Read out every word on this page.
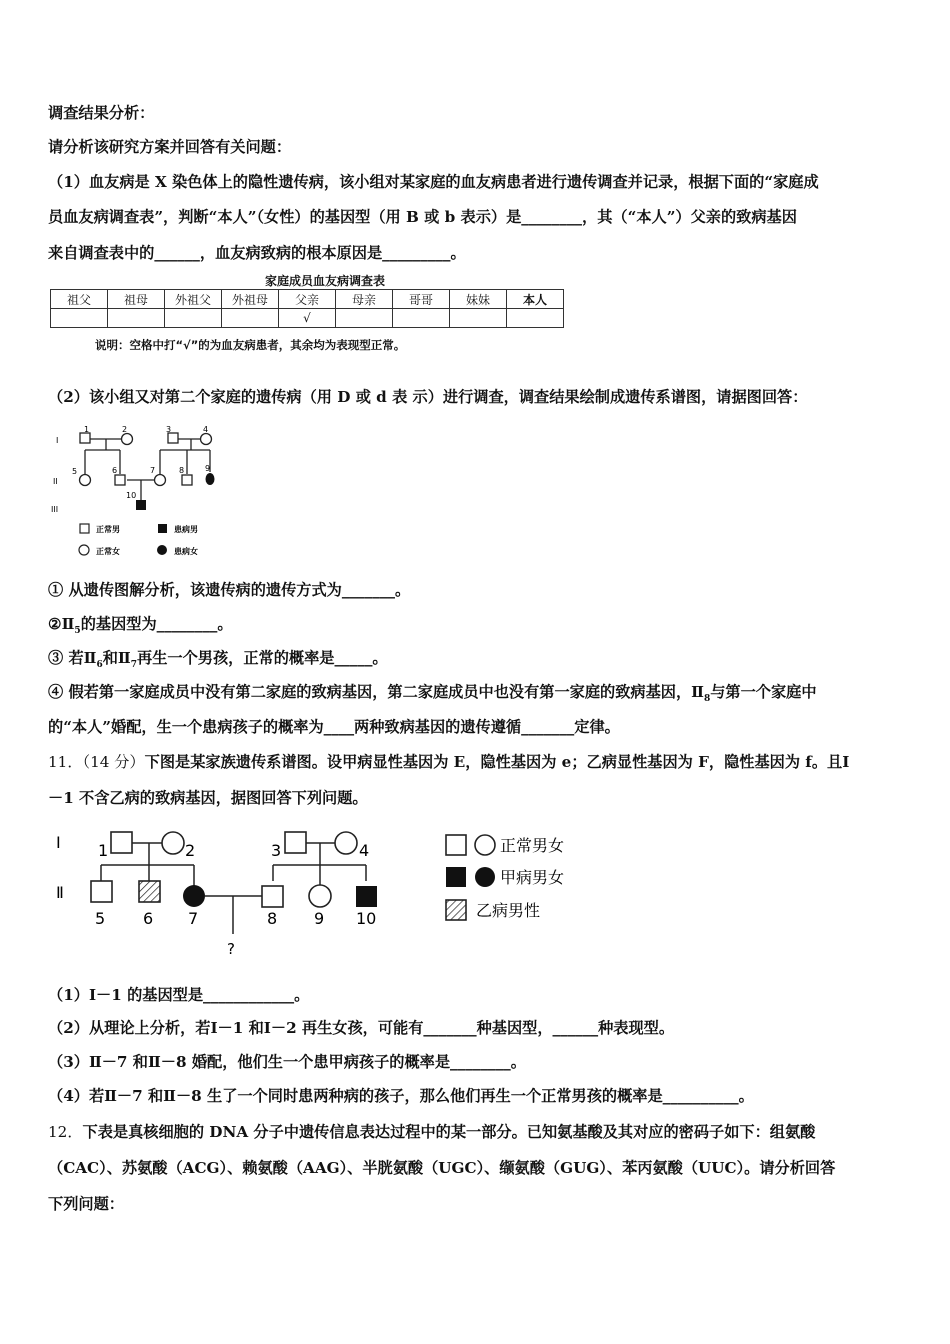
调查结果分析：
请分析该研究方案并回答有关问题：
（1）血友病是 X 染色体上的隐性遗传病，该小组对某家庭的血友病患者进行遗传调查并记录，根据下面的“家庭成
员血友病调查表”，判断“本人”（女性）的基因型（用 B 或 b 表示）是________，其（“本人”）父亲的致病基因
来自调查表中的______，血友病致病的根本原因是_________。
家庭成员血友病调查表
祖父	祖母	外祖父	外祖母	父亲	母亲	哥哥	妹妹	本人
				√				
说明：空格中打“√”的为血友病患者，其余均为表现型正常。
（2）该小组又对第二个家庭的遗传病（用 D 或 d 表 示）进行调查，调查结果绘制成遗传系谱图，请据图回答：
I
II
III
1	2	3	4
5	6	7	8	9
10
正常男	患病男
正常女	患病女
① 从遗传图解分析，该遗传病的遗传方式为_______。
$②Ⅱ_5$的基因型为________。
③ 若$Ⅱ_6$和$Ⅱ_7$再生一个男孩，正常的概率是_____。
④ 假若第一家庭成员中没有第二家庭的致病基因，第二家庭成员中也没有第一家庭的致病基因，$Ⅱ_8$与第一个家庭中
的“本人”婚配，生一个患病孩子的概率为____两种致病基因的遗传遵循_______定律。
11．（14 分）下图是某家族遗传系谱图。设甲病显性基因为 E，隐性基因为 e；乙病显性基因为 F，隐性基因为 f。且Ⅰ
－1 不含乙病的致病基因，据图回答下列问题。
Ⅰ
Ⅱ
1	2	3	4
5 6 7	8 9 10
?
正常男女
甲病男女
乙病男性
（1）Ⅰ－1 的基因型是____________。
（2）从理论上分析，若Ⅰ－1 和Ⅰ－2 再生女孩，可能有_______种基因型，______种表现型。
（3）Ⅱ－7 和Ⅱ－8 婚配，他们生一个患甲病孩子的概率是________。
（4）若Ⅱ－7 和Ⅱ－8 生了一个同时患两种病的孩子，那么他们再生一个正常男孩的概率是__________。
12．下表是真核细胞的 DNA 分子中遗传信息表达过程中的某一部分。已知氨基酸及其对应的密码子如下：组氨酸
（CAC）、苏氨酸（ACG）、赖氨酸（AAG）、半胱氨酸（UGC）、缬氨酸（GUG）、苯丙氨酸（UUC）。请分析回答
下列问题：
